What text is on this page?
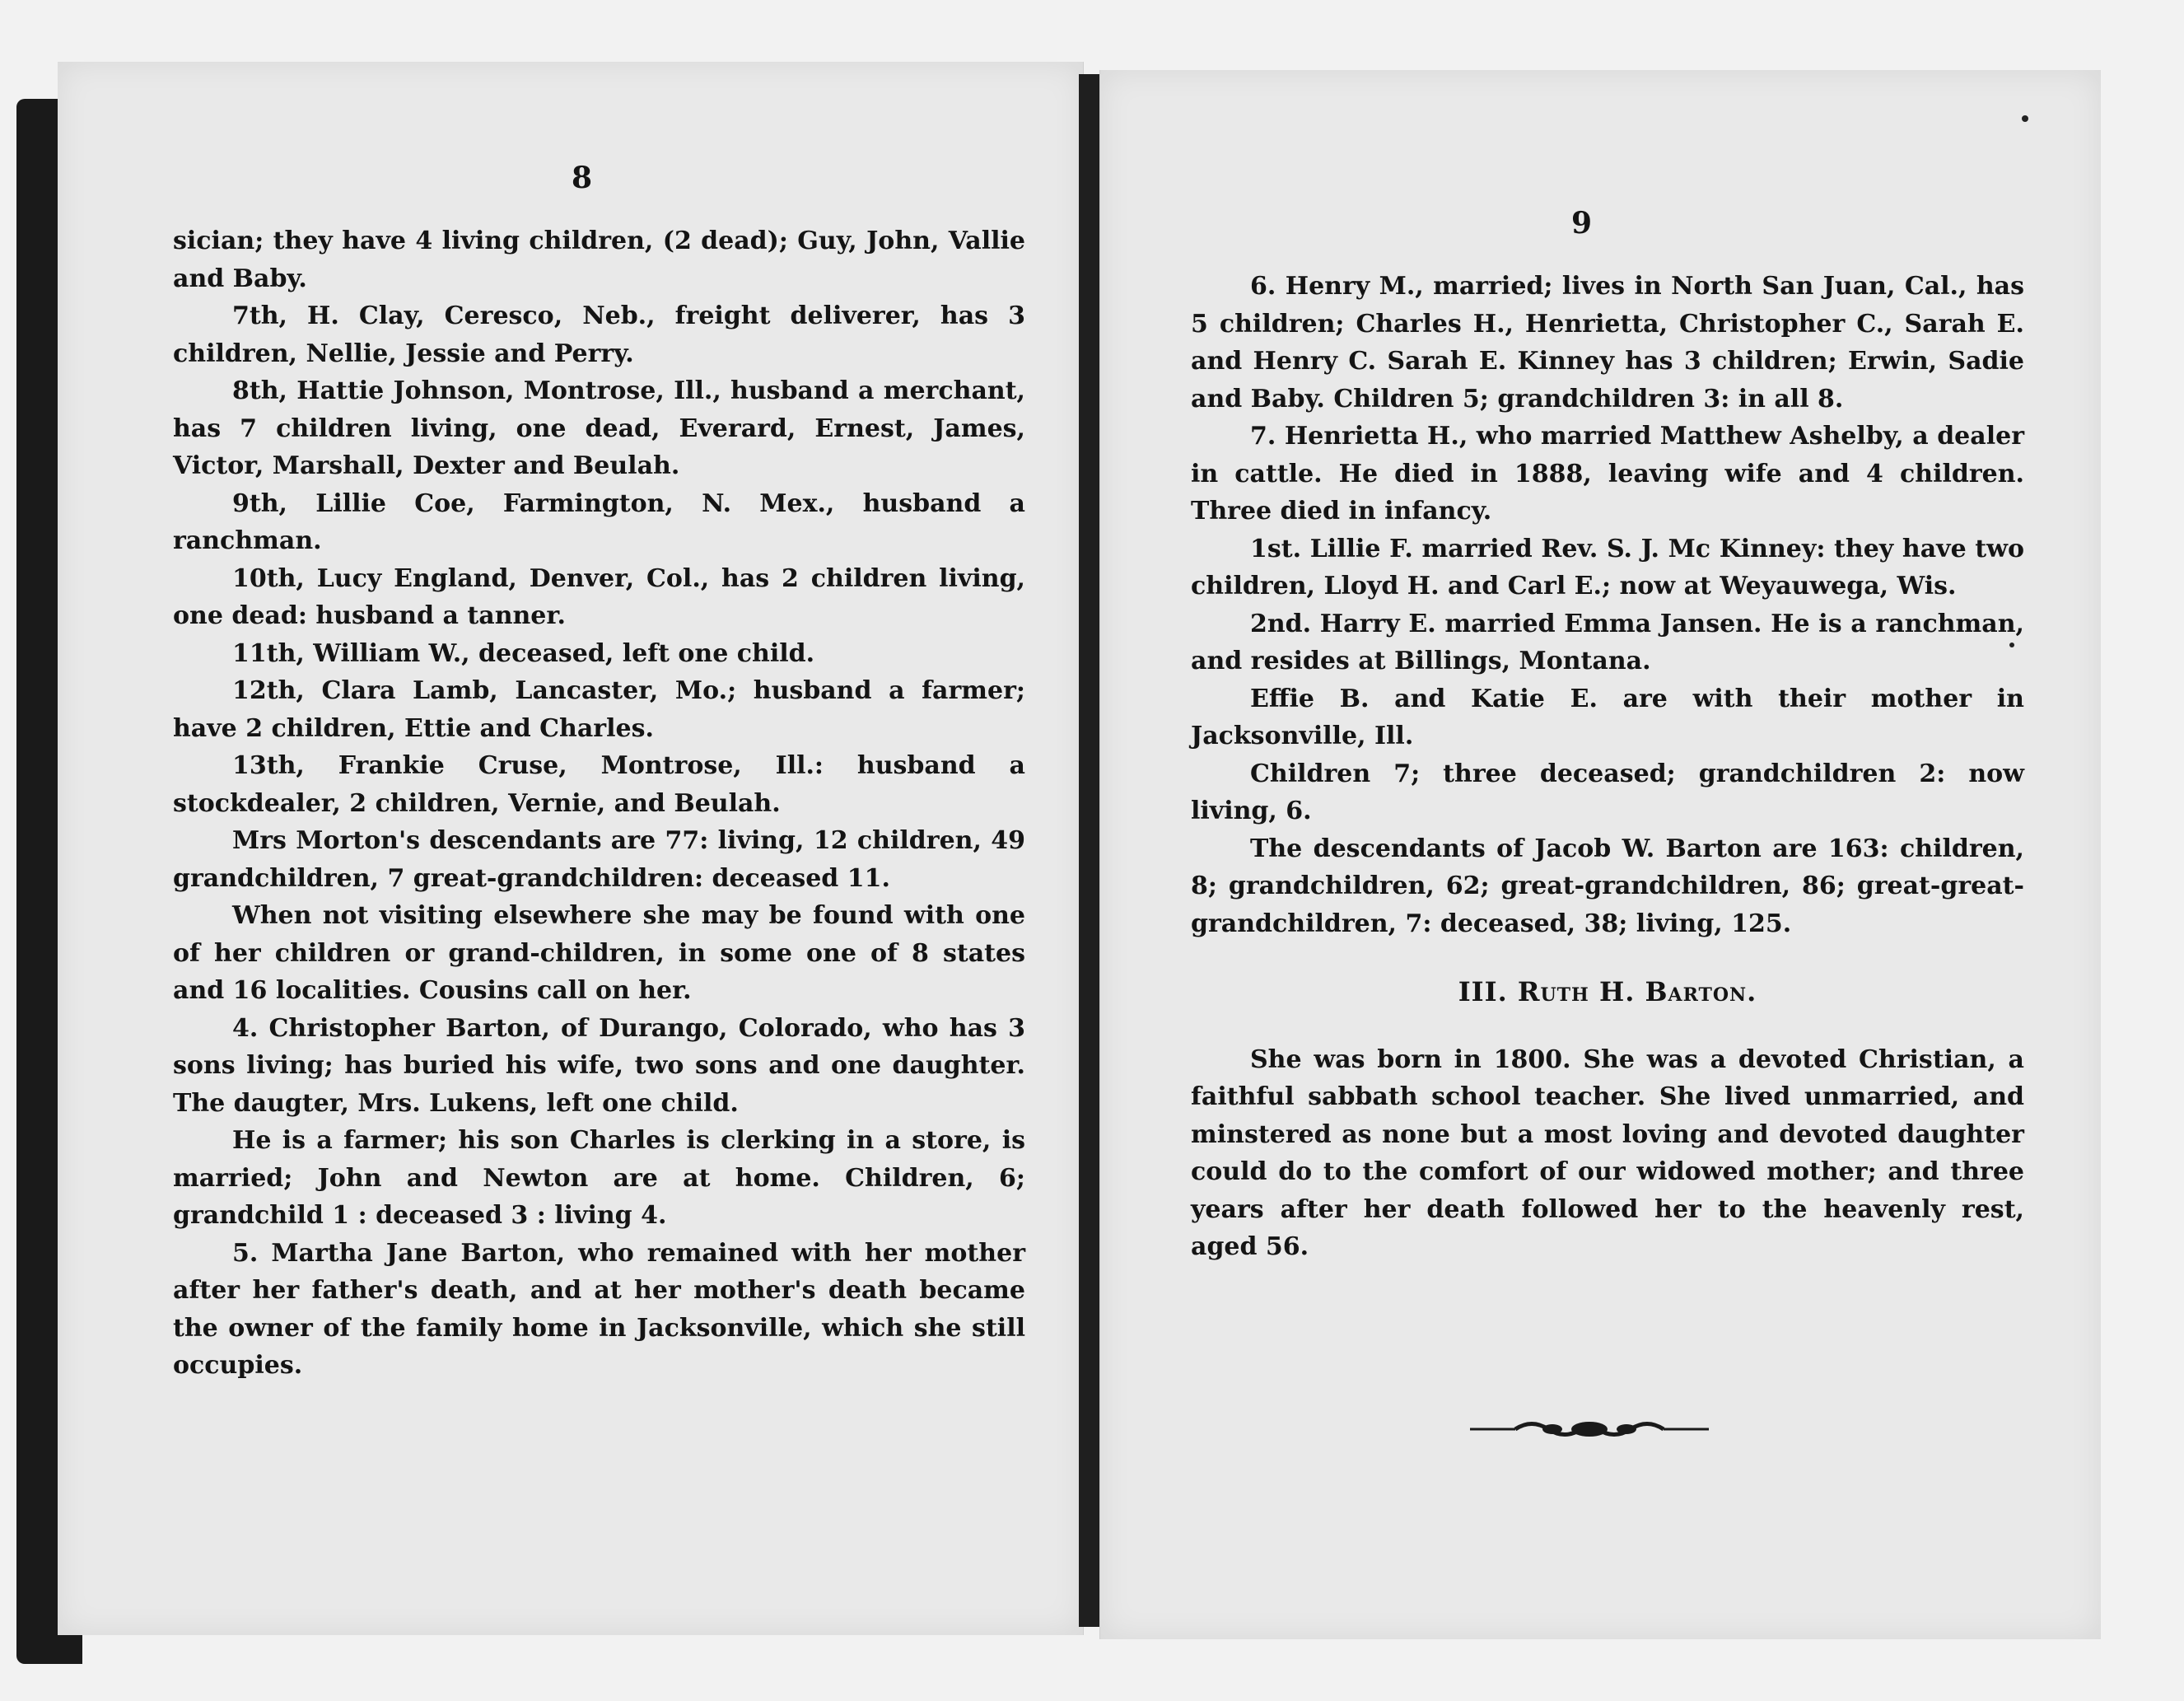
8

sician; they have 4 living children, (2 dead); Guy, John, Vallie and Baby.

7th, H. Clay, Ceresco, Neb., freight deliverer, has 3 children, Nellie, Jessie and Perry.

8th, Hattie Johnson, Montrose, Ill., husband a merchant, has 7 children living, one dead, Everard, Ernest, James, Victor, Marshall, Dexter and Beulah.

9th, Lillie Coe, Farmington, N. Mex., husband a ranchman.

10th, Lucy England, Denver, Col., has 2 children living, one dead: husband a tanner.

11th, William W., deceased, left one child.

12th, Clara Lamb, Lancaster, Mo.; husband a farmer; have 2 children, Ettie and Charles.

13th, Frankie Cruse, Montrose, Ill.: husband a stockdealer, 2 children, Vernie, and Beulah.

Mrs Morton's descendants are 77: living, 12 children, 49 grandchildren, 7 great-grandchildren: deceased 11.

When not visiting elsewhere she may be found with one of her children or grand-children, in some one of 8 states and 16 localities. Cousins call on her.

4. Christopher Barton, of Durango, Colorado, who has 3 sons living; has buried his wife, two sons and one daughter. The daugter, Mrs. Lukens, left one child.

He is a farmer; his son Charles is clerking in a store, is married; John and Newton are at home. Children, 6; grandchild 1 : deceased 3 : living 4.

5. Martha Jane Barton, who remained with her mother after her father's death, and at her mother's death became the owner of the family home in Jacksonville, which she still occupies.

9

6. Henry M., married; lives in North San Juan, Cal., has 5 children; Charles H., Henrietta, Christopher C., Sarah E. and Henry C. Sarah E. Kinney has 3 children; Erwin, Sadie and Baby. Children 5; grandchildren 3: in all 8.

7. Henrietta H., who married Matthew Ashelby, a dealer in cattle. He died in 1888, leaving wife and 4 children. Three died in infancy.

1st. Lillie F. married Rev. S. J. Mc Kinney: they have two children, Lloyd H. and Carl E.; now at Weyauwega, Wis.

2nd. Harry E. married Emma Jansen. He is a ranchman, and resides at Billings, Montana.

Effie B. and Katie E. are with their mother in Jacksonville, Ill.

Children 7; three deceased; grandchildren 2: now living, 6.

The descendants of Jacob W. Barton are 163: children, 8; grandchildren, 62; great-grandchildren, 86; great-great-grandchildren, 7: deceased, 38; living, 125.

III. Ruth H. Barton.

She was born in 1800. She was a devoted Christian, a faithful sabbath school teacher. She lived unmarried, and minstered as none but a most loving and devoted daughter could do to the comfort of our widowed mother; and three years after her death followed her to the heavenly rest, aged 56.
